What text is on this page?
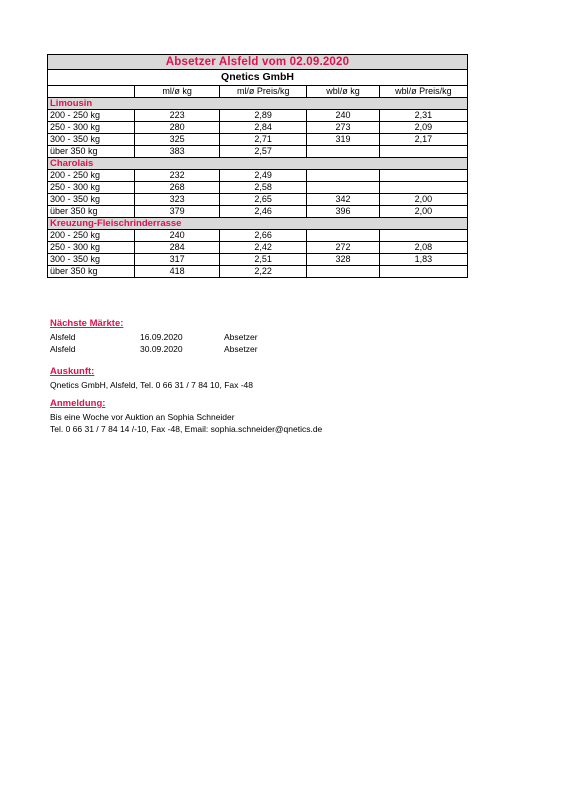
Absetzer Alsfeld vom 02.09.2020
Qnetics GmbH
	ml/ø kg	ml/ø Preis/kg	wbl/ø kg	wbl/ø Preis/kg
Limousin				
200 - 250 kg	223	2,89	240	2,31
250 - 300 kg	280	2,84	273	2,09
300 - 350 kg	325	2,71	319	2,17
über 350 kg	383	2,57		
Charolais				
200 - 250 kg	232	2,49		
250 - 300 kg	268	2,58		
300 - 350 kg	323	2,65	342	2,00
über 350 kg	379	2,46	396	2,00
Kreuzung-Fleischrinderrasse				
200 - 250 kg	240	2,66		
250 - 300 kg	284	2,42	272	2,08
300 - 350 kg	317	2,51	328	1,83
über 350 kg	418	2,22		
Nächste Märkte:
Alsfeld	16.09.2020	Absetzer
Alsfeld	30.09.2020	Absetzer
Auskunft:
Qnetics GmbH, Alsfeld, Tel. 0 66 31 / 7 84 10, Fax -48
Anmeldung:
Bis eine Woche vor Auktion an Sophia Schneider
Tel. 0 66 31 / 7 84 14 /-10, Fax -48, Email: sophia.schneider@qnetics.de
